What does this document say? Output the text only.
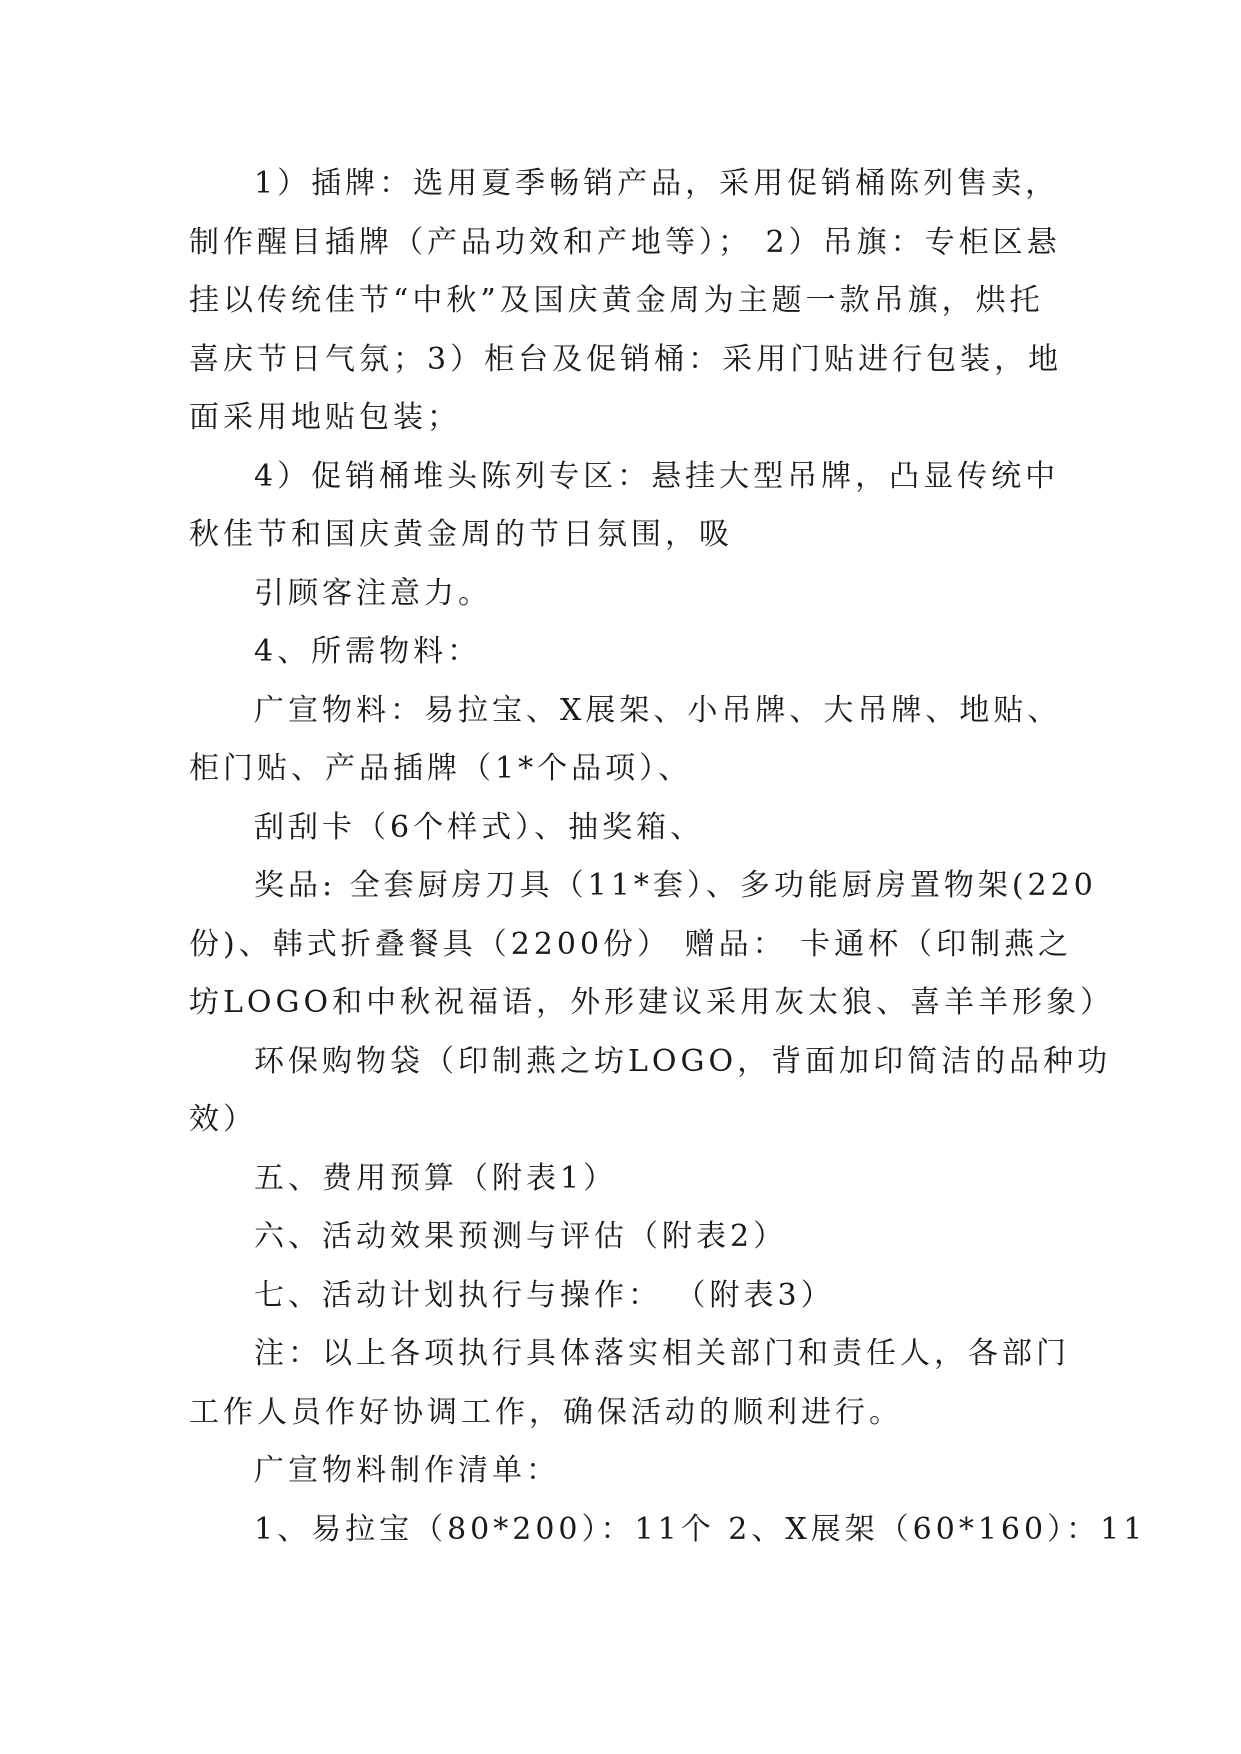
1）插牌：选用夏季畅销产品，采用促销桶陈列售卖，
制作醒目插牌（产品功效和产地等）； 2）吊旗：专柜区悬
挂以传统佳节“中秋”及国庆黄金周为主题一款吊旗，烘托
喜庆节日气氛；3）柜台及促销桶：采用门贴进行包装，地
面采用地贴包装；
4）促销桶堆头陈列专区：悬挂大型吊牌，凸显传统中
秋佳节和国庆黄金周的节日氛围，吸
引顾客注意力。
4、所需物料：
广宣物料：易拉宝、X展架、小吊牌、大吊牌、地贴、
柜门贴、产品插牌（1*个品项）、
刮刮卡（6个样式）、抽奖箱、
奖品: 全套厨房刀具（11*套）、多功能厨房置物架(220
份)、韩式折叠餐具（2200份） 赠品： 卡通杯（印制燕之
坊LOGO和中秋祝福语，外形建议采用灰太狼、喜羊羊形象）
环保购物袋（印制燕之坊LOGO，背面加印简洁的品种功
效）
五、费用预算（附表1）
六、活动效果预测与评估（附表2）
七、活动计划执行与操作： （附表3）
注：以上各项执行具体落实相关部门和责任人，各部门
工作人员作好协调工作，确保活动的顺利进行。
广宣物料制作清单：
1、易拉宝（80*200）：11个 2、X展架（60*160）：11
